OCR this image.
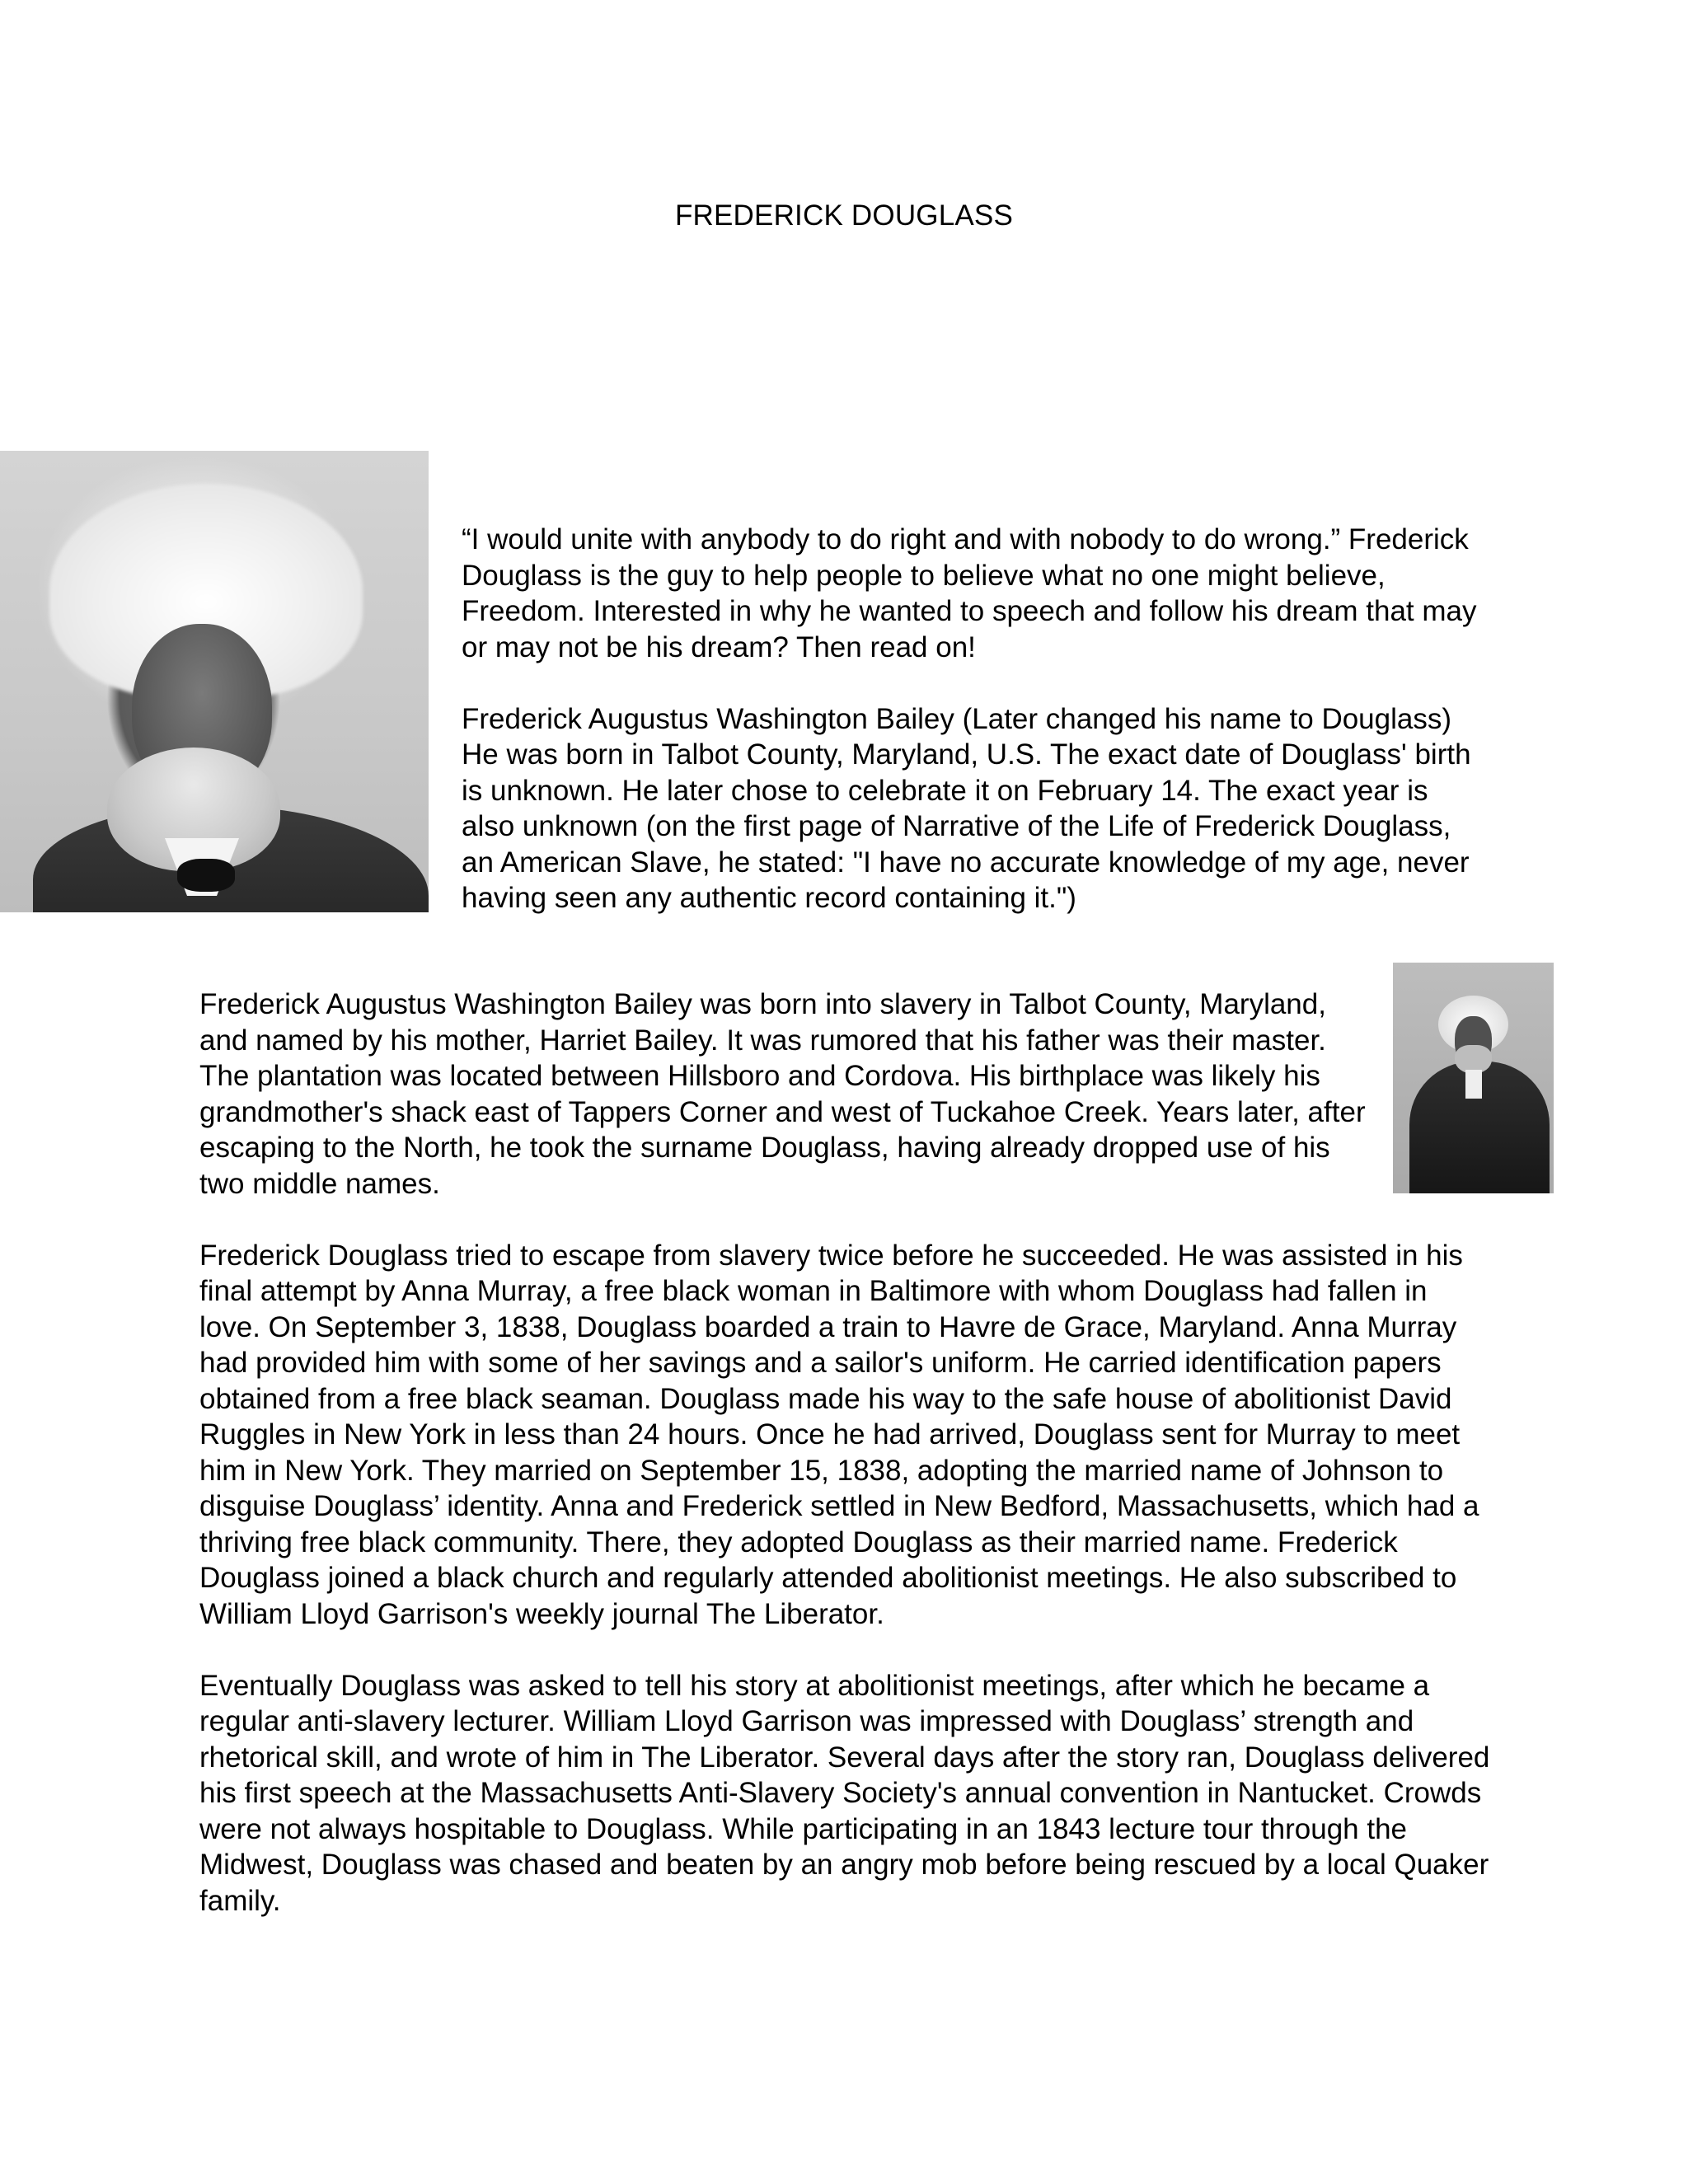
FREDERICK DOUGLASS

“I would unite with anybody to do right and with nobody to do wrong.” Frederick Douglass is the guy to help people to believe what no one might believe, Freedom. Interested in why he wanted to speech and follow his dream that may or may not be his dream? Then read on!

Frederick Augustus Washington Bailey (Later changed his name to Douglass) He was born in Talbot County, Maryland, U.S. The exact date of Douglass' birth is unknown. He later chose to celebrate it on February 14. The exact year is also unknown (on the first page of Narrative of the Life of Frederick Douglass, an American Slave, he stated: "I have no accurate knowledge of my age, never having seen any authentic record containing it.")

Frederick Augustus Washington Bailey was born into slavery in Talbot County, Maryland, and named by his mother, Harriet Bailey. It was rumored that his father was their master. The plantation was located between Hillsboro and Cordova. His birthplace was likely his grandmother's shack east of Tappers Corner and west of Tuckahoe Creek. Years later, after escaping to the North, he took the surname Douglass, having already dropped use of his two middle names.

Frederick Douglass tried to escape from slavery twice before he succeeded. He was assisted in his final attempt by Anna Murray, a free black woman in Baltimore with whom Douglass had fallen in love. On September 3, 1838, Douglass boarded a train to Havre de Grace, Maryland. Anna Murray had provided him with some of her savings and a sailor's uniform. He carried identification papers obtained from a free black seaman. Douglass made his way to the safe house of abolitionist David Ruggles in New York in less than 24 hours. Once he had arrived, Douglass sent for Murray to meet him in New York. They married on September 15, 1838, adopting the married name of Johnson to disguise Douglass’ identity. Anna and Frederick settled in New Bedford, Massachusetts, which had a thriving free black community. There, they adopted Douglass as their married name. Frederick Douglass joined a black church and regularly attended abolitionist meetings. He also subscribed to William Lloyd Garrison's weekly journal The Liberator.

Eventually Douglass was asked to tell his story at abolitionist meetings, after which he became a regular anti-slavery lecturer. William Lloyd Garrison was impressed with Douglass’ strength and rhetorical skill, and wrote of him in The Liberator. Several days after the story ran, Douglass delivered his first speech at the Massachusetts Anti-Slavery Society's annual convention in Nantucket. Crowds were not always hospitable to Douglass. While participating in an 1843 lecture tour through the Midwest, Douglass was chased and beaten by an angry mob before being rescued by a local Quaker family.
